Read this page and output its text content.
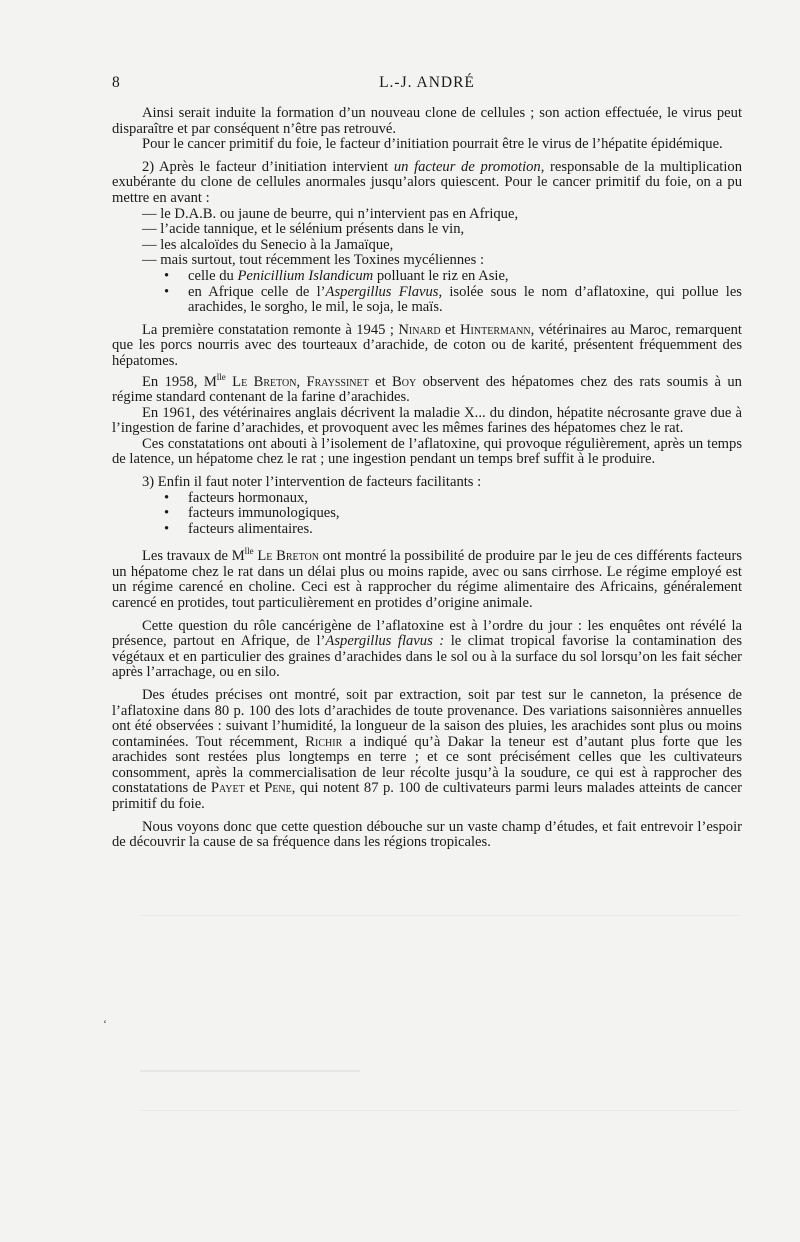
8	L.-J. ANDRÉ

Ainsi serait induite la formation d’un nouveau clone de cellules ; son action effectuée, le virus peut disparaître et par conséquent n’être pas retrouvé.

Pour le cancer primitif du foie, le facteur d’initiation pourrait être le virus de l’hépatite épidémique.

2) Après le facteur d’initiation intervient un facteur de promotion, responsable de la multiplication exubérante du clone de cellules anormales jusqu’alors quiescent. Pour le cancer primitif du foie, on a pu mettre en avant :

— le D.A.B. ou jaune de beurre, qui n’intervient pas en Afrique,
— l’acide tannique, et le sélénium présents dans le vin,
— les alcaloïdes du Senecio à la Jamaïque,
— mais surtout, tout récemment les Toxines mycéliennes :
• celle du Penicillium Islandicum polluant le riz en Asie,
• en Afrique celle de l’Aspergillus Flavus, isolée sous le nom d’aflatoxine, qui pollue les arachides, le sorgho, le mil, le soja, le maïs.

La première constatation remonte à 1945 ; Ninard et Hintermann, vétérinaires au Maroc, remarquent que les porcs nourris avec des tourteaux d’arachide, de coton ou de karité, présentent fréquemment des hépatomes.

En 1958, $M^{lle}$ Le Breton, Frayssinet et Boy observent des hépatomes chez des rats soumis à un régime standard contenant de la farine d’arachides.

En 1961, des vétérinaires anglais décrivent la maladie X... du dindon, hépatite nécrosante grave due à l’ingestion de farine d’arachides, et provoquent avec les mêmes farines des hépatomes chez le rat.

Ces constatations ont abouti à l’isolement de l’aflatoxine, qui provoque régulièrement, après un temps de latence, un hépatome chez le rat ; une ingestion pendant un temps bref suffit à le produire.

3) Enfin il faut noter l’intervention de facteurs facilitants :

• facteurs hormonaux,
• facteurs immunologiques,
• facteurs alimentaires.

Les travaux de $M^{lle}$ Le Breton ont montré la possibilité de produire par le jeu de ces différents facteurs un hépatome chez le rat dans un délai plus ou moins rapide, avec ou sans cirrhose. Le régime employé est un régime carencé en choline. Ceci est à rapprocher du régime alimentaire des Africains, généralement carencé en protides, tout particulièrement en protides d’origine animale.

Cette question du rôle cancérigène de l’aflatoxine est à l’ordre du jour : les enquêtes ont révélé la présence, partout en Afrique, de l’Aspergillus flavus : le climat tropical favorise la contamination des végétaux et en particulier des graines d’arachides dans le sol ou à la surface du sol lorsqu’on les fait sécher après l’arrachage, ou en silo.

Des études précises ont montré, soit par extraction, soit par test sur le canneton, la présence de l’aflatoxine dans 80 p. 100 des lots d’arachides de toute provenance. Des variations saisonnières annuelles ont été observées : suivant l’humidité, la longueur de la saison des pluies, les arachides sont plus ou moins contaminées. Tout récemment, Richir a indiqué qu’à Dakar la teneur est d’autant plus forte que les arachides sont restées plus longtemps en terre ; et ce sont précisément celles que les cultivateurs consomment, après la commercialisation de leur récolte jusqu’à la soudure, ce qui est à rapprocher des constatations de Payet et Pene, qui notent 87 p. 100 de cultivateurs parmi leurs malades atteints de cancer primitif du foie.

Nous voyons donc que cette question débouche sur un vaste champ d’études, et fait entrevoir l’espoir de découvrir la cause de sa fréquence dans les régions tropicales.

ʻ
